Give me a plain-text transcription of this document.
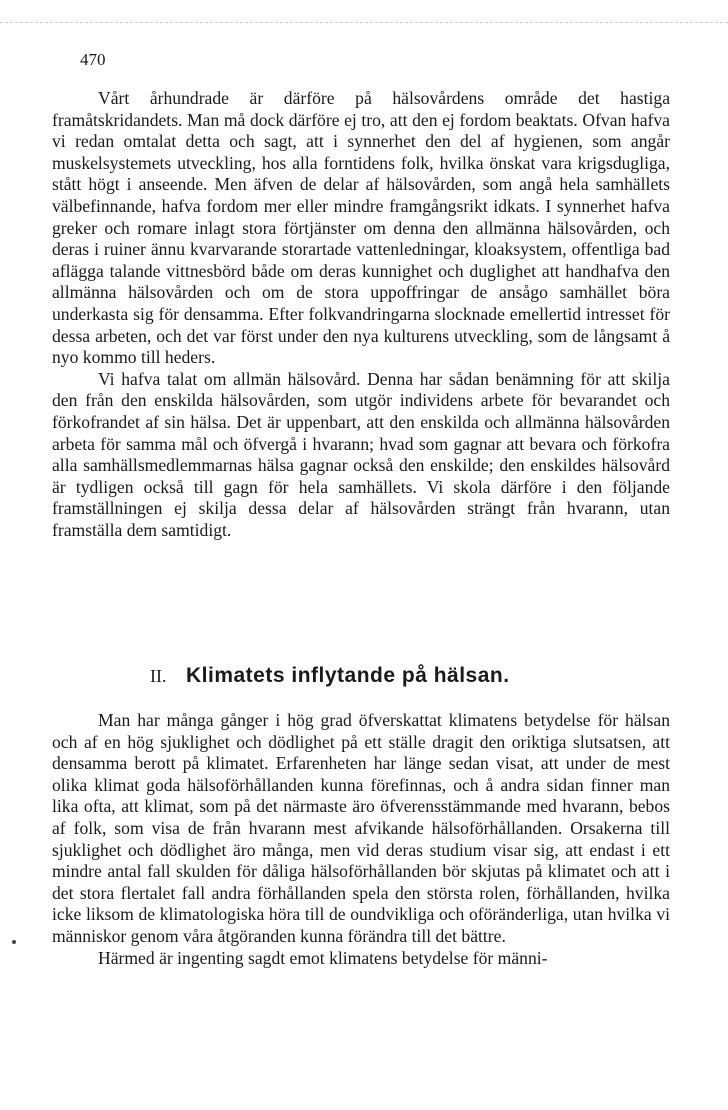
470

Vårt århundrade är därföre på hälsovårdens område det hastiga framåtskridandets. Man må dock därföre ej tro, att den ej fordom beaktats. Ofvan hafva vi redan omtalat detta och sagt, att i synnerhet den del af hygienen, som angår muskelsystemets utveckling, hos alla forntidens folk, hvilka önskat vara krigsdugliga, stått högt i anseende. Men äfven de delar af hälsovården, som angå hela samhällets välbefinnande, hafva fordom mer eller mindre framgångsrikt idkats. I synnerhet hafva greker och romare inlagt stora förtjänster om denna den allmänna hälsovården, och deras i ruiner ännu kvarvarande storartade vattenledningar, kloaksystem, offentliga bad aflägga talande vittnesbörd både om deras kunnighet och duglighet att handhafva den allmänna hälsovården och om de stora uppoffringar de ansågo samhället böra underkasta sig för densamma. Efter folkvandringarna slocknade emellertid intresset för dessa arbeten, och det var först under den nya kulturens utveckling, som de långsamt å nyo kommo till heders.

Vi hafva talat om allmän hälsovård. Denna har sådan benämning för att skilja den från den enskilda hälsovården, som utgör individens arbete för bevarandet och förkofrandet af sin hälsa. Det är uppenbart, att den enskilda och allmänna hälsovården arbeta för samma mål och öfvergå i hvarann; hvad som gagnar att bevara och förkofra alla samhällsmedlemmarnas hälsa gagnar också den enskilde; den enskildes hälsovård är tydligen också till gagn för hela samhällets. Vi skola därföre i den följande framställningen ej skilja dessa delar af hälsovården strängt från hvarann, utan framställa dem samtidigt.

II. Klimatets inflytande på hälsan.

Man har många gånger i hög grad öfverskattat klimatens betydelse för hälsan och af en hög sjuklighet och dödlighet på ett ställe dragit den oriktiga slutsatsen, att densamma berott på klimatet. Erfarenheten har länge sedan visat, att under de mest olika klimat goda hälsoförhållanden kunna förefinnas, och å andra sidan finner man lika ofta, att klimat, som på det närmaste äro öfverensstämmande med hvarann, bebos af folk, som visa de från hvarann mest afvikande hälsoförhållanden. Orsakerna till sjuklighet och dödlighet äro många, men vid deras studium visar sig, att endast i ett mindre antal fall skulden för dåliga hälsoförhållanden bör skjutas på klimatet och att i det stora flertalet fall andra förhållanden spela den största rolen, förhållanden, hvilka icke liksom de klimatologiska höra till de oundvikliga och oföränderliga, utan hvilka vi människor genom våra åtgöranden kunna förändra till det bättre.

Härmed är ingenting sagdt emot klimatens betydelse för männi-
